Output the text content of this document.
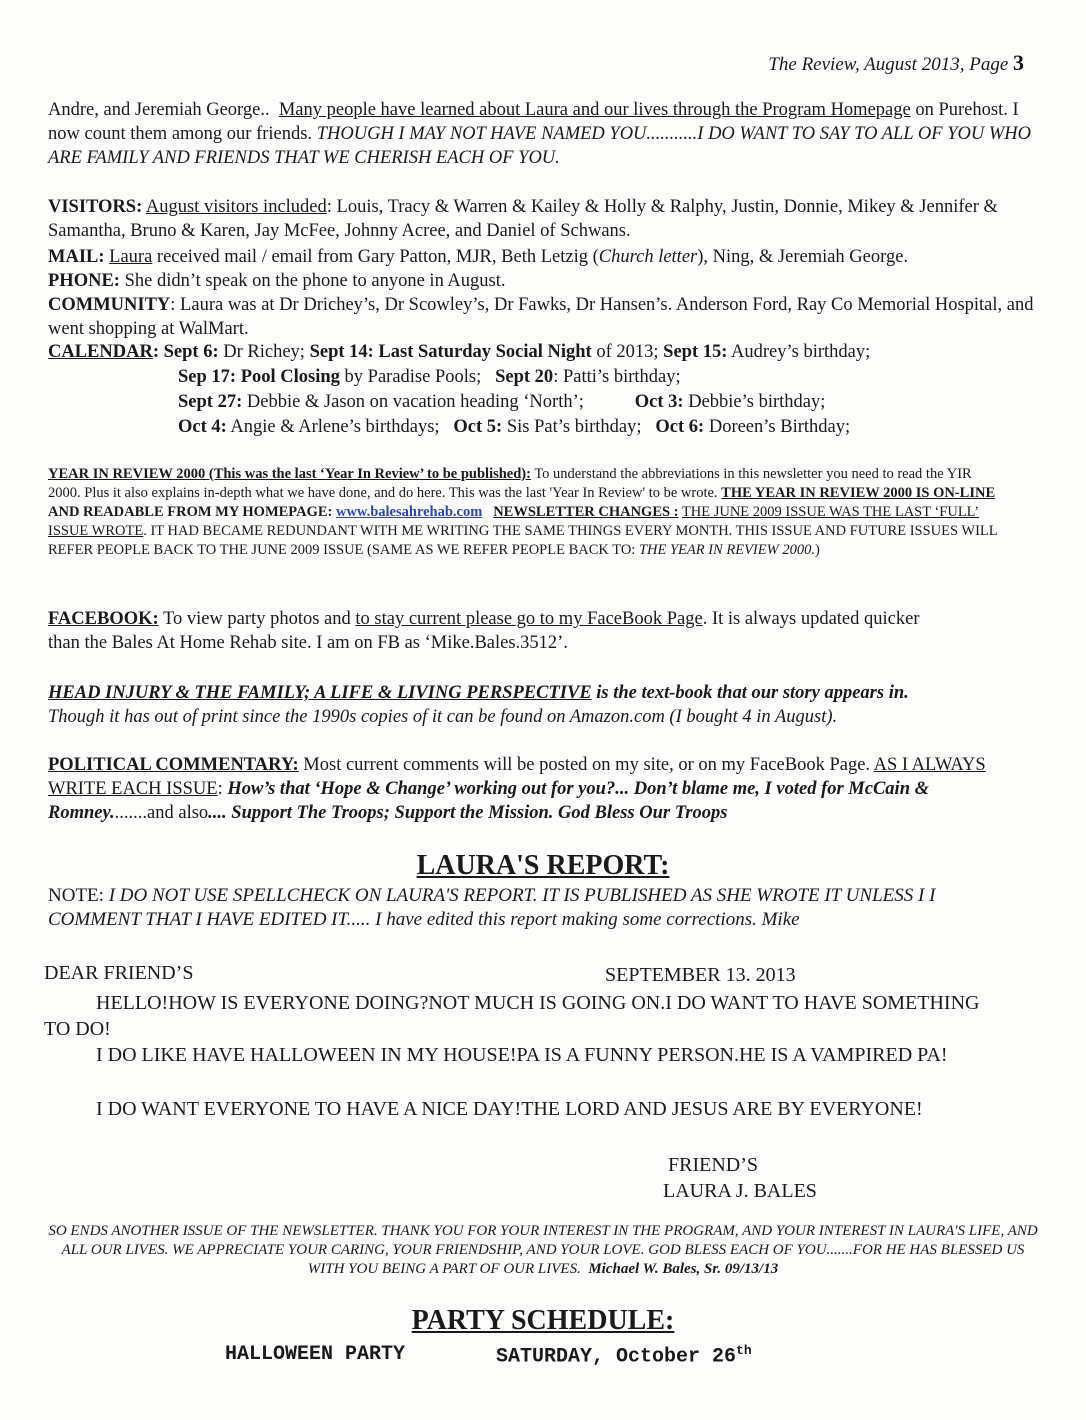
The Review, August 2013, Page 3
Andre, and Jeremiah George.. Many people have learned about Laura and our lives through the Program Homepage on Purehost. I now count them among our friends. THOUGH I MAY NOT HAVE NAMED YOU...........I DO WANT TO SAY TO ALL OF YOU WHO ARE FAMILY AND FRIENDS THAT WE CHERISH EACH OF YOU.
VISITORS: August visitors included: Louis, Tracy & Warren & Kailey & Holly & Ralphy, Justin, Donnie, Mikey & Jennifer & Samantha, Bruno & Karen, Jay McFee, Johnny Acree, and Daniel of Schwans.
MAIL: Laura received mail / email from Gary Patton, MJR, Beth Letzig (Church letter), Ning, & Jeremiah George.
PHONE: She didn’t speak on the phone to anyone in August.
COMMUNITY: Laura was at Dr Drichey’s, Dr Scowley’s, Dr Fawks, Dr Hansen’s. Anderson Ford, Ray Co Memorial Hospital, and went shopping at WalMart.
CALENDAR: Sept 6: Dr Richey; Sept 14: Last Saturday Social Night of 2013; Sept 15: Audrey’s birthday;
Sep 17: Pool Closing by Paradise Pools;   Sept 20: Patti’s birthday;
Sept 27: Debbie & Jason on vacation heading ‘North’;           Oct 3: Debbie’s birthday;
Oct 4: Angie & Arlene’s birthdays;   Oct 5: Sis Pat’s birthday;   Oct 6: Doreen’s Birthday;
YEAR IN REVIEW 2000 (This was the last ‘Year In Review’ to be published): To understand the abbreviations in this newsletter you need to read the YIR 2000. Plus it also explains in-depth what we have done, and do here. This was the last 'Year In Review' to be wrote. THE YEAR IN REVIEW 2000 IS ON-LINE AND READABLE FROM MY HOMEPAGE: www.balesahrehab.com NEWSLETTER CHANGES : THE JUNE 2009 ISSUE WAS THE LAST ‘FULL’ ISSUE WROTE. IT HAD BECAME REDUNDANT WITH ME WRITING THE SAME THINGS EVERY MONTH. THIS ISSUE AND FUTURE ISSUES WILL REFER PEOPLE BACK TO THE JUNE 2009 ISSUE (SAME AS WE REFER PEOPLE BACK TO: THE YEAR IN REVIEW 2000.)
FACEBOOK: To view party photos and to stay current please go to my FaceBook Page. It is always updated quicker than the Bales At Home Rehab site. I am on FB as ‘Mike.Bales.3512’.
HEAD INJURY & THE FAMILY; A LIFE & LIVING PERSPECTIVE is the text-book that our story appears in.
Though it has out of print since the 1990s copies of it can be found on Amazon.com (I bought 4 in August).
POLITICAL COMMENTARY: Most current comments will be posted on my site, or on my FaceBook Page. AS I ALWAYS WRITE EACH ISSUE: How’s that ‘Hope & Change’ working out for you?... Don’t blame me, I voted for McCain & Romney........and also.... Support The Troops; Support the Mission. God Bless Our Troops
LAURA'S REPORT:
NOTE: I DO NOT USE SPELLCHECK ON LAURA'S REPORT. IT IS PUBLISHED AS SHE WROTE IT UNLESS I I COMMENT THAT I HAVE EDITED IT..... I have edited this report making some corrections. Mike
DEAR FRIEND’S	SEPTEMBER 13. 2013
HELLO!HOW IS EVERYONE DOING?NOT MUCH IS GOING ON.I DO WANT TO HAVE SOMETHING TO DO!
I DO LIKE HAVE HALLOWEEN IN MY HOUSE!PA IS A FUNNY PERSON.HE IS A VAMPIRED PA!
I DO WANT EVERYONE TO HAVE A NICE DAY!THE LORD AND JESUS ARE BY EVERYONE!
FRIEND’S
LAURA J. BALES
SO ENDS ANOTHER ISSUE OF THE NEWSLETTER. THANK YOU FOR YOUR INTEREST IN THE PROGRAM, AND YOUR INTEREST IN LAURA'S LIFE, AND ALL OUR LIVES. WE APPRECIATE YOUR CARING, YOUR FRIENDSHIP, AND YOUR LOVE. GOD BLESS EACH OF YOU.......FOR HE HAS BLESSED US WITH YOU BEING A PART OF OUR LIVES. Michael W. Bales, Sr. 09/13/13
PARTY SCHEDULE:
HALLOWEEN PARTY	SATURDAY, October 26th
